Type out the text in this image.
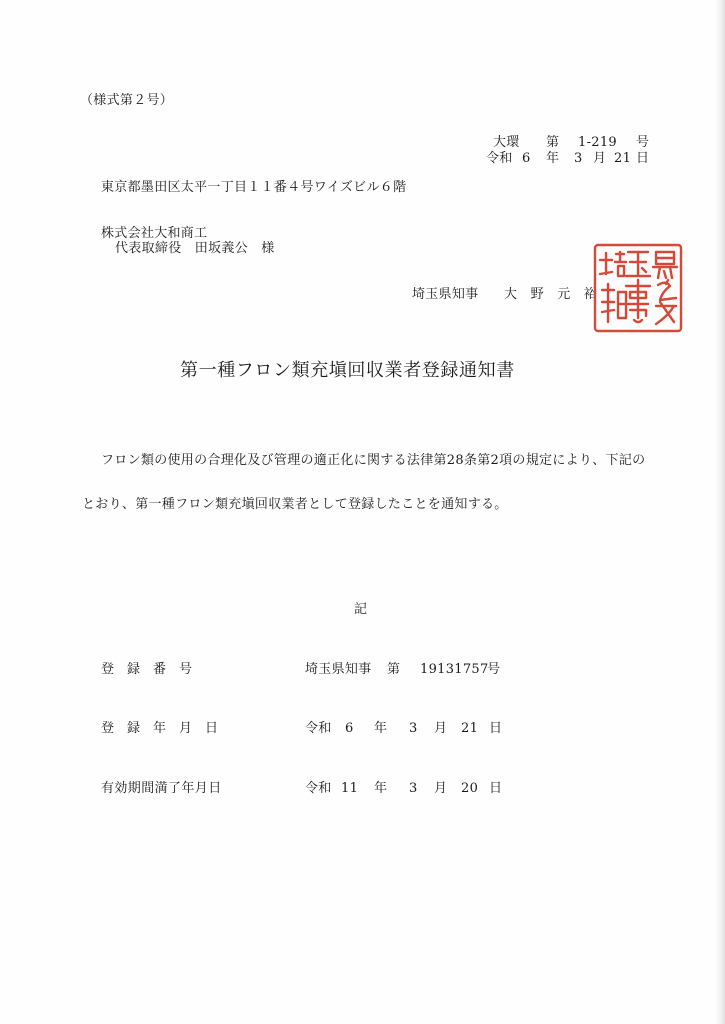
（様式第２号）
大環 第 1-219 号
令和 6 年 3 月 21 日
東京都墨田区太平一丁目１１番４号ワイズビル６階
株式会社大和商工
代表取締役　田坂義公　様
埼玉県知事 大　野　元　裕
第一種フロン類充塡回収業者登録通知書
フロン類の使用の合理化及び管理の適正化に関する法律第28条第2項の規定により、下記の
とおり、第一種フロン類充塡回収業者として登録したことを通知する。
記
登　録　番　号	埼玉県知事 第 19131757
号
登　録　年　月　日	令和 6 年 3 月 21 日
有効期間満了年月日	令和 11 年 3 月 20 日
